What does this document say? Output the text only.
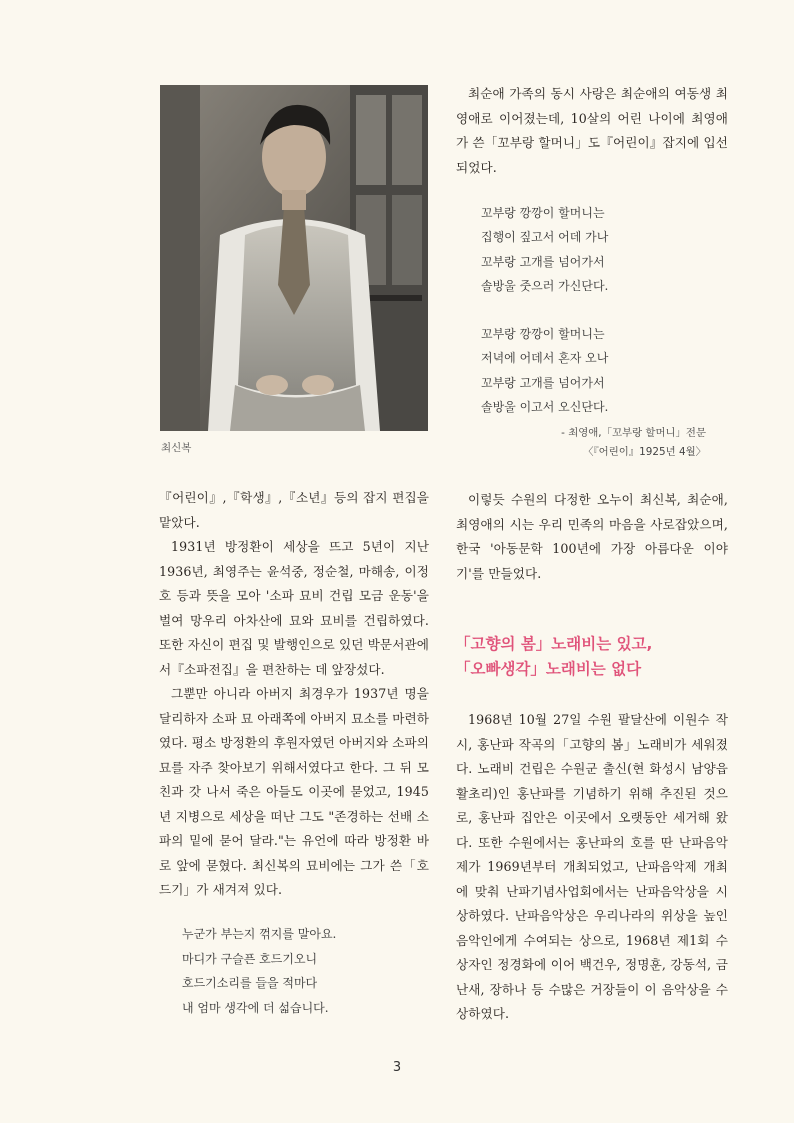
최신복

최순애 가족의 동시 사랑은 최순애의 여동생 최영애로 이어졌는데, 10살의 어린 나이에 최영애가 쓴「꼬부랑 할머니」도『어린이』잡지에 입선되었다.

꼬부랑 깡깡이 할머니는
집행이 짚고서 어데 가나
꼬부랑 고개를 넘어가서
솔방울 줏으러 가신단다.
꼬부랑 깡깡이 할머니는
저녁에 어데서 혼자 오나
꼬부랑 고개를 넘어가서
솔방울 이고서 오신단다.
- 최영애,「꼬부랑 할머니」전문
〈『어린이』1925년 4월〉

이렇듯 수원의 다정한 오누이 최신복, 최순애, 최영애의 시는 우리 민족의 마음을 사로잡았으며, 한국 '아동문학 100년에 가장 아름다운 이야기'를 만들었다.

『어린이』,『학생』,『소년』등의 잡지 편집을 맡았다.

1931년 방정환이 세상을 뜨고 5년이 지난 1936년, 최영주는 윤석중, 정순철, 마해송, 이정호 등과 뜻을 모아 '소파 묘비 건립 모금 운동'을 벌여 망우리 아차산에 묘와 묘비를 건립하였다. 또한 자신이 편집 및 발행인으로 있던 박문서관에서『소파전집』을 편찬하는 데 앞장섰다.

그뿐만 아니라 아버지 최경우가 1937년 명을 달리하자 소파 묘 아래쪽에 아버지 묘소를 마련하였다. 평소 방정환의 후원자였던 아버지와 소파의 묘를 자주 찾아보기 위해서였다고 한다. 그 뒤 모친과 갓 나서 죽은 아들도 이곳에 묻었고, 1945년 지병으로 세상을 떠난 그도 "존경하는 선배 소파의 밑에 묻어 달라."는 유언에 따라 방정환 바로 앞에 묻혔다. 최신복의 묘비에는 그가 쓴「호드기」가 새겨져 있다.

누군가 부는지 꺾지를 말아요.
마디가 구슬픈 호드기오니
호드기소리를 들을 적마다
내 엄마 생각에 더 섧습니다.
「고향의 봄」노래비는 있고,
「오빠생각」노래비는 없다

1968년 10월 27일 수원 팔달산에 이원수 작시, 홍난파 작곡의「고향의 봄」노래비가 세워졌다. 노래비 건립은 수원군 출신(현 화성시 남양읍 활초리)인 홍난파를 기념하기 위해 추진된 것으로, 홍난파 집안은 이곳에서 오랫동안 세거해 왔다. 또한 수원에서는 홍난파의 호를 딴 난파음악제가 1969년부터 개최되었고, 난파음악제 개최에 맞춰 난파기념사업회에서는 난파음악상을 시상하였다. 난파음악상은 우리나라의 위상을 높인 음악인에게 수여되는 상으로, 1968년 제1회 수상자인 정경화에 이어 백건우, 정명훈, 강동석, 금난새, 장하나 등 수많은 거장들이 이 음악상을 수상하였다.

3
